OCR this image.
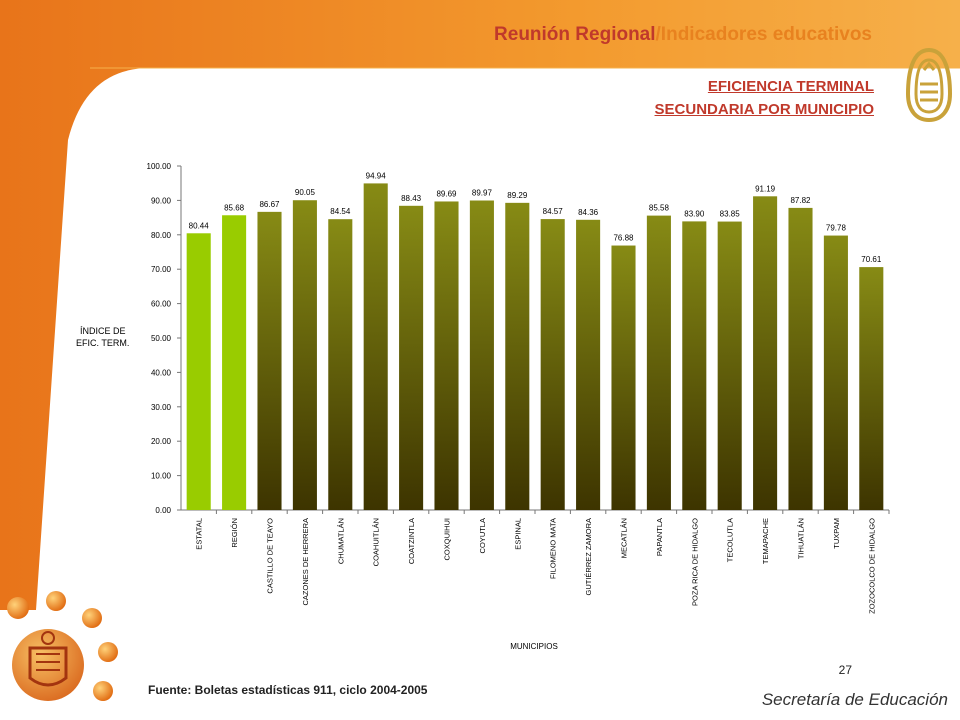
Reunión Regional/Indicadores educativos
EFICIENCIA TERMINAL
SECUNDARIA POR MUNICIPIO
0.00
10.00
20.00
30.00
40.00
50.00
60.00
70.00
80.00
90.00
100.00
80.44
85.68 86.67
90.05
84.54
94.94
88.43 89.69 89.97 89.29
84.57 84.36
76.88
85.58
83.90 83.85
91.19
87.82
79.78
70.61
ESTATAL	REGIÓN	CASTILLO DE TEAYO	CAZONES DE HERRERA	CHUMATLÁN	COAHUITLÁN	COATZINTLA	COXQUIHUI	COYUTLA	ESPINAL	FILOMENO MATA	GUTIÉRREZ ZAMORA	MECATLÁN	PAPANTLA	POZA RICA DE HIDALGO	TECOLUTLA	TEMAPACHE	TIHUATLÁN	TUXPAM	ZOZOCOLCO DE HIDALGO
ÍNDICE DE
EFIC. TERM.
MUNICIPIOS
27
Fuente: Boletas estadísticas 911, ciclo 2004-2005	Secretaría de Educación
